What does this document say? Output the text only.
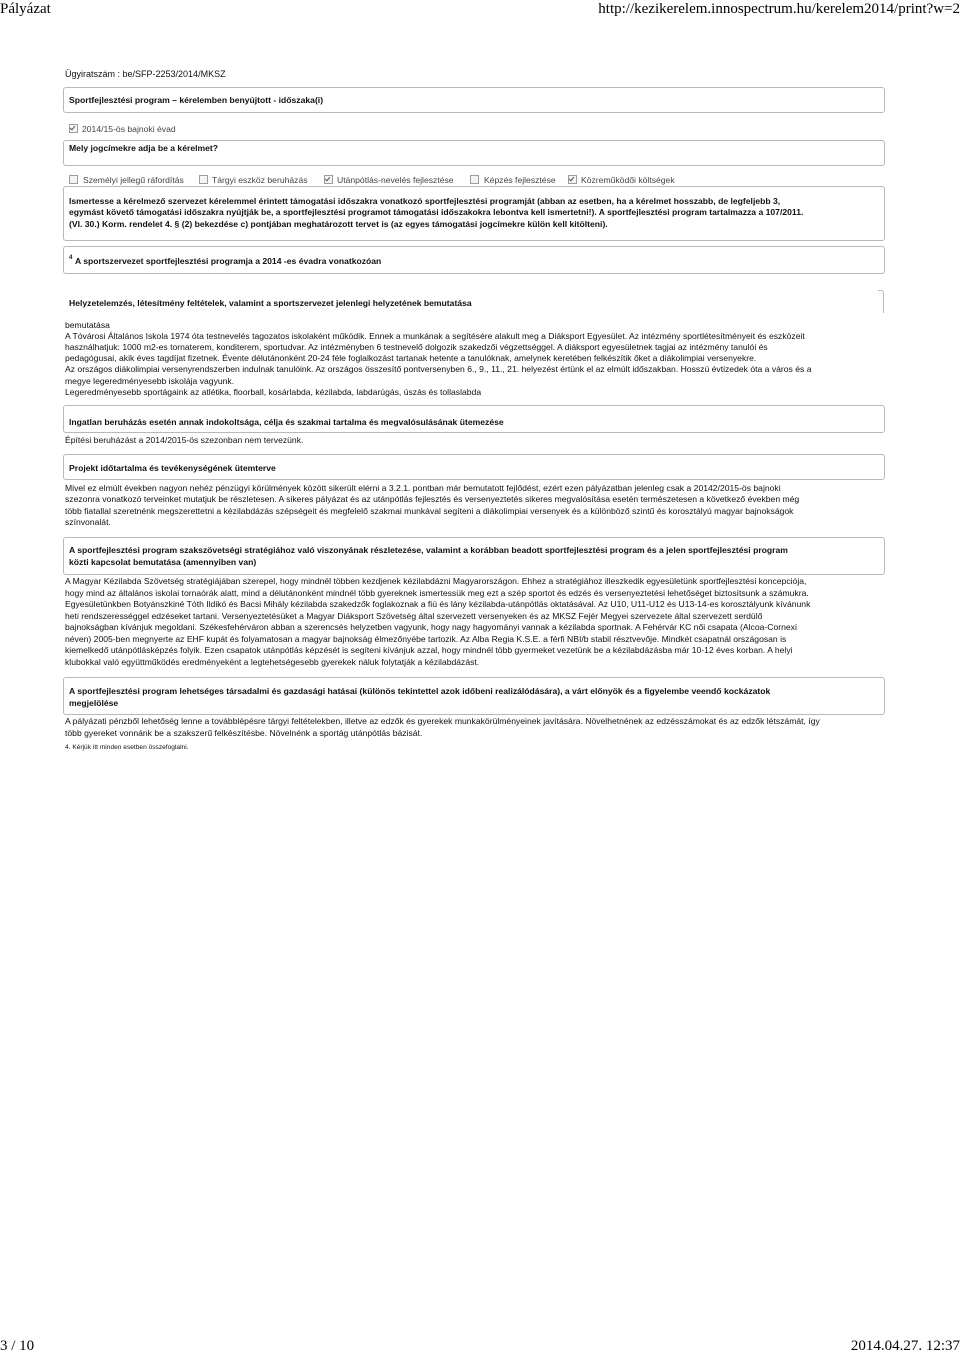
Pályázat	http://kezikerelem.innospectrum.hu/kerelem2014/print?w=2
Ügyiratszám : be/SFP-2253/2014/MKSZ
Sportfejlesztési program – kérelemben benyújtott - időszaka(i)
2014/15-ös bajnoki évad
Mely jogcímekre adja be a kérelmet?
Személyi jellegű ráfordítás	Tárgyi eszköz beruházás	Utánpótlás-nevelés fejlesztése	Képzés fejlesztése	Közreműködői költségek
Ismertesse a kérelmező szervezet kérelemmel érintett támogatási időszakra vonatkozó sportfejlesztési programját (abban az esetben, ha a kérelmet hosszabb, de legfeljebb 3,
egymást követő támogatási időszakra nyújtják be, a sportfejlesztési programot támogatási időszakokra lebontva kell ismertetni!). A sportfejlesztési program tartalmazza a 107/2011.
(VI. 30.) Korm. rendelet 4. § (2) bekezdése c) pontjában meghatározott tervet is (az egyes támogatási jogcímekre külön kell kitölteni).
4 A sportszervezet sportfejlesztési programja a 2014 -es évadra vonatkozóan
Helyzetelemzés, létesítmény feltételek, valamint a sportszervezet jelenlegi helyzetének bemutatása
bemutatása
A Tóvárosi Általános Iskola 1974 óta testnevelés tagozatos iskolaként működik. Ennek a munkának a segítésére alakult meg a Diáksport Egyesület. Az intézmény sportlétesítményeit és eszközeit
használhatjuk: 1000 m2-es tornaterem, konditerem, sportudvar. Az intézményben 6 testnevelő dolgozik szakedzői végzettséggel. A diáksport egyesületnek tagjai az intézmény tanulói és
pedagógusai, akik éves tagdíjat fizetnek. Évente délutánonként 20-24 féle foglalkozást tartanak hetente a tanulóknak, amelynek keretében felkészítik őket a diákolimpiai versenyekre.
Az országos diákolimpiai versenyrendszerben indulnak tanulóink. Az országos összesítő pontversenyben 6., 9., 11., 21. helyezést értünk el az elmúlt időszakban. Hosszú évtizedek óta a város és a
megye legeredményesebb iskolája vagyunk.
Legeredményesebb sportágaink az atlétika, floorball, kosárlabda, kézilabda, labdarúgás, úszás és tollaslabda
Ingatlan beruházás esetén annak indokoltsága, célja és szakmai tartalma és megvalósulásának ütemezése
Építési beruházást a 2014/2015-ös szezonban nem tervezünk.
Projekt időtartalma és tevékenységének ütemterve
Mivel ez elmúlt években nagyon nehéz pénzügyi körülmények között sikerült elérni a 3.2.1. pontban már bemutatott fejlődést, ezért ezen pályázatban jelenleg csak a 20142/2015-ös bajnoki
szezonra vonatkozó terveinket mutatjuk be részletesen. A sikeres pályázat és az utánpótlás fejlesztés és versenyeztetés sikeres megvalósítása esetén természetesen a következő években még
több fiatallal szeretnénk megszerettetni a kézilabdázás szépségeit és megfelelő szakmai munkával segíteni a diákolimpiai versenyek és a különböző szintű és korosztályú magyar bajnokságok
színvonalát.
A sportfejlesztési program szakszövetségi stratégiához való viszonyának részletezése, valamint a korábban beadott sportfejlesztési program és a jelen sportfejlesztési program
közti kapcsolat bemutatása (amennyiben van)
A Magyar Kézilabda Szövetség stratégiájában szerepel, hogy mindnél többen kezdjenek kézilabdázni Magyarországon. Ehhez a stratégiához illeszkedik egyesületünk sportfejlesztési koncepciója,
hogy mind az általános iskolai tornaórák alatt, mind a délutánonként mindnél több gyereknek ismertessük meg ezt a szép sportot és edzés és versenyeztetési lehetőséget biztosítsunk a számukra.
Egyesületünkben Botyánszkiné Tóth Ildikó és Bacsi Mihály kézilabda szakedzők foglakoznak a fiú és lány kézilabda-utánpótlás oktatásával. Az U10, U11-U12 és U13-14-es korosztályunk kívánunk
heti rendszerességgel edzéseket tartani. Versenyeztetésüket a Magyar Diáksport Szövetség által szervezett versenyeken és az MKSZ Fejér Megyei szervezete által szervezett serdülő
bajnokságban kívánjuk megoldani. Székesfehérváron abban a szerencsés helyzetben vagyunk, hogy nagy hagyományi vannak a kézilabda sportnak. A Fehérvár KC női csapata (Alcoa-Cornexi
néven) 2005-ben megnyerte az EHF kupát és folyamatosan a magyar bajnokság élmezőnyébe tartozik. Az Alba Regia K.S.E. a férfi NBI/b stabil résztvevője. Mindkét csapatnál országosan is
kiemelkedő utánpótlásképzés folyik. Ezen csapatok utánpótlás képzését is segíteni kívánjuk azzal, hogy mindnél több gyermeket vezetünk be a kézilabdázásba már 10-12 éves korban. A helyi
klubokkal való együttműködés eredményeként a legtehetségesebb gyerekek náluk folytatják a kézilabdázást.
A sportfejlesztési program lehetséges társadalmi és gazdasági hatásai (különös tekintettel azok időbeni realizálódására), a várt előnyök és a figyelembe veendő kockázatok
megjelölése
A pályázati pénzből lehetőség lenne a továbblépésre tárgyi feltételekben, illetve az edzők és gyerekek munkakörülményeinek javítására. Növelhetnének az edzésszámokat és az edzők létszámát, így
több gyereket vonnánk be a szakszerű felkészítésbe. Növelnénk a sportág utánpótlás bázisát.
4. Kérjük itt minden esetben összefoglalni.
3 / 10	2014.04.27. 12:37
